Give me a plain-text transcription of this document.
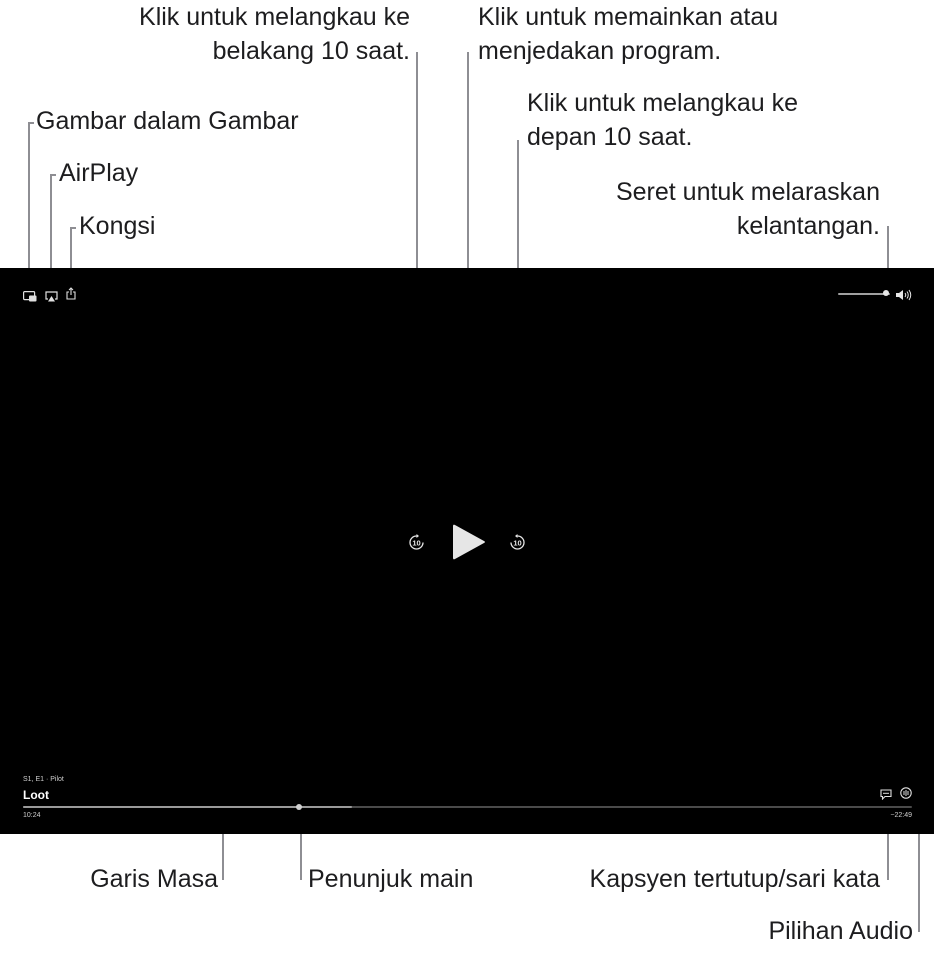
Klik untuk melangkau ke
belakang 10 saat.
Klik untuk memainkan atau
menjedakan program.
Klik untuk melangkau ke
depan 10 saat.
Seret untuk melaraskan
kelantangan.
Gambar dalam Gambar
AirPlay
Kongsi
Garis Masa	Penunjuk main	Kapsyen tertutup/sari kata
Pilihan Audio
10	10
S1, E1 · Pilot
Loot
10:24	−22:49
